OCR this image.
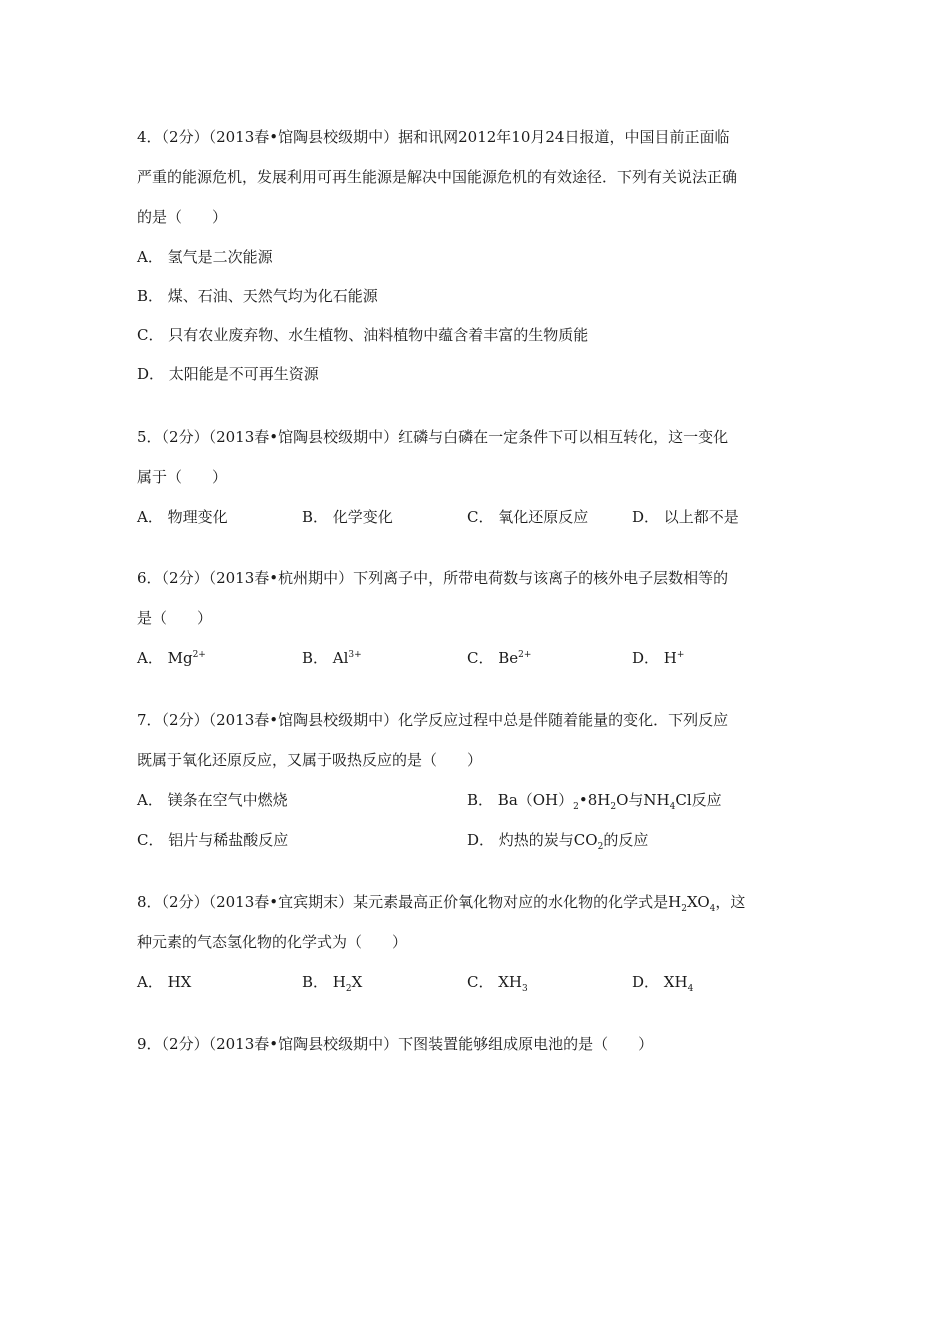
4．（2分）（2013春•馆陶县校级期中）据和讯网2012年10月24日报道，中国目前正面临
严重的能源危机，发展利用可再生能源是解决中国能源危机的有效途径．下列有关说法正确
的是（　　）
A． 氢气是二次能源
B． 煤、石油、天然气均为化石能源
C． 只有农业废弃物、水生植物、油料植物中蕴含着丰富的生物质能
D． 太阳能是不可再生资源
5．（2分）（2013春•馆陶县校级期中）红磷与白磷在一定条件下可以相互转化，这一变化
属于（　　）
A． 物理变化	B． 化学变化	C． 氧化还原反应	D． 以上都不是
6．（2分）（2013春•杭州期中）下列离子中，所带电荷数与该离子的核外电子层数相等的
是（　　）
A． $Mg^{2+}$	B． $Al^{3+}$	C． $Be^{2+}$	D． H+
7．（2分）（2013春•馆陶县校级期中）化学反应过程中总是伴随着能量的变化．下列反应
既属于氧化还原反应，又属于吸热反应的是（　　）
A． 镁条在空气中燃烧	B． $Ba(OH)_2•8H_2O$与$NH_4Cl$反应
C． 铝片与稀盐酸反应	D． 灼热的炭与$CO_2$的反应
8．（2分）（2013春•宜宾期末）某元素最高正价氧化物对应的水化物的化学式是$H_2XO_4$，这
种元素的气态氢化物的化学式为（　　）
A． HX	B． $H_2X$	C． $XH_3$	D． $XH_4$
9．（2分）（2013春•馆陶县校级期中）下图装置能够组成原电池的是（　　）
